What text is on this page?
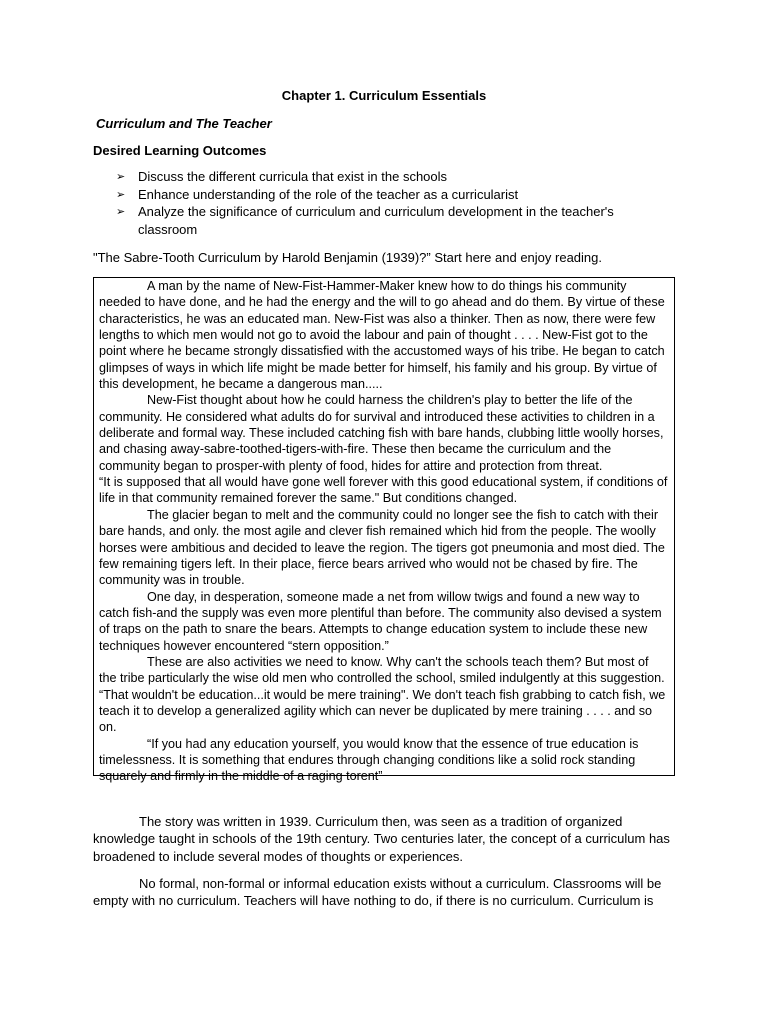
Chapter 1. Curriculum Essentials
Curriculum and The Teacher
Desired Learning Outcomes
➢ Discuss the different curricula that exist in the schools
➢ Enhance understanding of the role of the teacher as a curricularist
➢ Analyze the significance of curriculum and curriculum development in the teacher's classroom
"The Sabre-Tooth Curriculum by Harold Benjamin (1939)?” Start here and enjoy reading.

A man by the name of New-Fist-Hammer-Maker knew how to do things his community needed to have done, and he had the energy and the will to go ahead and do them. By virtue of these characteristics, he was an educated man. New-Fist was also a thinker. Then as now, there were few lengths to which men would not go to avoid the labour and pain of thought . . . . New-Fist got to the point where he became strongly dissatisfied with the accustomed ways of his tribe. He began to catch glimpses of ways in which life might be made better for himself, his family and his group. By virtue of this development, he became a dangerous man.....

New-Fist thought about how he could harness the children's play to better the life of the community. He considered what adults do for survival and introduced these activities to children in a deliberate and formal way. These included catching fish with bare hands, clubbing little woolly horses, and chasing away-sabre-toothed-tigers-with-fire. These then became the curriculum and the community began to prosper-with plenty of food, hides for attire and protection from threat.

“It is supposed that all would have gone well forever with this good educational system, if conditions of life in that community remained forever the same." But conditions changed.

The glacier began to melt and the community could no longer see the fish to catch with their bare hands, and only. the most agile and clever fish remained which hid from the people. The woolly horses were ambitious and decided to leave the region. The tigers got pneumonia and most died. The few remaining tigers left. In their place, fierce bears arrived who would not be chased by fire. The community was in trouble.

One day, in desperation, someone made a net from willow twigs and found a new way to catch fish-and the supply was even more plentiful than before. The community also devised a system of traps on the path to snare the bears. Attempts to change education system to include these new techniques however encountered “stern opposition.”

These are also activities we need to know. Why can't the schools teach them? But most of the tribe particularly the wise old men who controlled the school, smiled indulgently at this suggestion. “That wouldn't be education...it would be mere training". We don't teach fish grabbing to catch fish, we teach it to develop a generalized agility which can never be duplicated by mere training . . . . and so on.

“If you had any education yourself, you would know that the essence of true education is timelessness. It is something that endures through changing conditions like a solid rock standing squarely and firmly in the middle of a raging torent”

The story was written in 1939. Curriculum then, was seen as a tradition of organized knowledge taught in schools of the 19th century. Two centuries later, the concept of a curriculum has broadened to include several modes of thoughts or experiences.

No formal, non-formal or informal education exists without a curriculum. Classrooms will be empty with no curriculum. Teachers will have nothing to do, if there is no curriculum. Curriculum is
